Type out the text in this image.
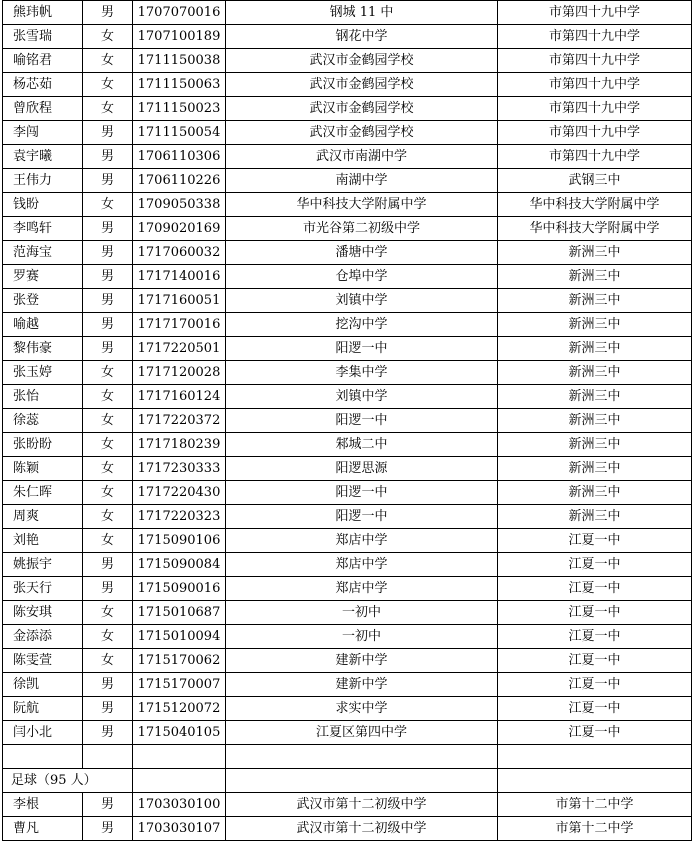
熊玮帆	男	1707070016	钢城 11 中	市第四十九中学
张雪瑞	女	1707100189	钢花中学	市第四十九中学
喻铭君	女	1711150038	武汉市金鹤园学校	市第四十九中学
杨芯茹	女	1711150063	武汉市金鹤园学校	市第四十九中学
曾欣程	女	1711150023	武汉市金鹤园学校	市第四十九中学
李闯	男	1711150054	武汉市金鹤园学校	市第四十九中学
袁宇曦	男	1706110306	武汉市南湖中学	市第四十九中学
王伟力	男	1706110226	南湖中学	武钢三中
钱盼	女	1709050338	华中科技大学附属中学	华中科技大学附属中学
李鸣轩	男	1709020169	市光谷第二初级中学	华中科技大学附属中学
范海宝	男	1717060032	潘塘中学	新洲三中
罗赛	男	1717140016	仓埠中学	新洲三中
张登	男	1717160051	刘镇中学	新洲三中
喻越	男	1717170016	挖沟中学	新洲三中
黎伟豪	男	1717220501	阳逻一中	新洲三中
张玉婷	女	1717120028	李集中学	新洲三中
张怡	女	1717160124	刘镇中学	新洲三中
徐蕊	女	1717220372	阳逻一中	新洲三中
张盼盼	女	1717180239	邾城二中	新洲三中
陈颖	女	1717230333	阳逻思源	新洲三中
朱仁晖	女	1717220430	阳逻一中	新洲三中
周爽	女	1717220323	阳逻一中	新洲三中
刘艳	女	1715090106	郑店中学	江夏一中
姚振宇	男	1715090084	郑店中学	江夏一中
张天行	男	1715090016	郑店中学	江夏一中
陈安琪	女	1715010687	一初中	江夏一中
金添添	女	1715010094	一初中	江夏一中
陈雯萱	女	1715170062	建新中学	江夏一中
徐凯	男	1715170007	建新中学	江夏一中
阮航	男	1715120072	求实中学	江夏一中
闫小北	男	1715040105	江夏区第四中学	江夏一中

足球（95 人）				
李根	男	1703030100	武汉市第十二初级中学	市第十二中学
曹凡	男	1703030107	武汉市第十二初级中学	市第十二中学
